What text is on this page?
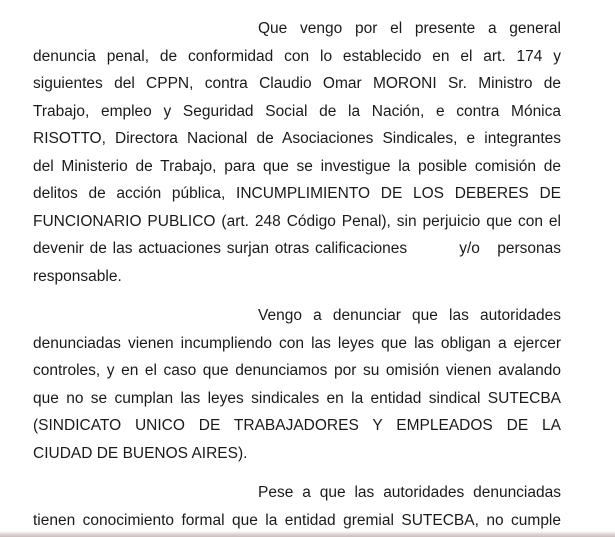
Que vengo por el presente a general
denuncia penal, de conformidad con lo establecido en el art. 174 y
siguientes del CPPN, contra Claudio Omar MORONI Sr. Ministro de
Trabajo, empleo y Seguridad Social de la Nación, e contra Mónica
RISOTTO, Directora Nacional de Asociaciones Sindicales, e integrantes
del Ministerio de Trabajo, para que se investigue la posible comisión de
delitos de acción pública, INCUMPLIMIENTO DE LOS DEBERES DE
FUNCIONARIO PUBLICO (art. 248 Código Penal), sin perjuicio que con el
devenir de las actuaciones surjan otras calificaciones         y/o   personas
responsable.
Vengo a denunciar que las autoridades
denunciadas vienen incumpliendo con las leyes que las obligan a ejercer
controles, y en el caso que denunciamos por su omisión vienen avalando
que no se cumplan las leyes sindicales en la entidad sindical SUTECBA
(SINDICATO UNICO DE TRABAJADORES Y EMPLEADOS DE LA
CIUDAD DE BUENOS AIRES).
Pese a que las autoridades denunciadas
tienen conocimiento formal que la entidad gremial SUTECBA, no cumple
